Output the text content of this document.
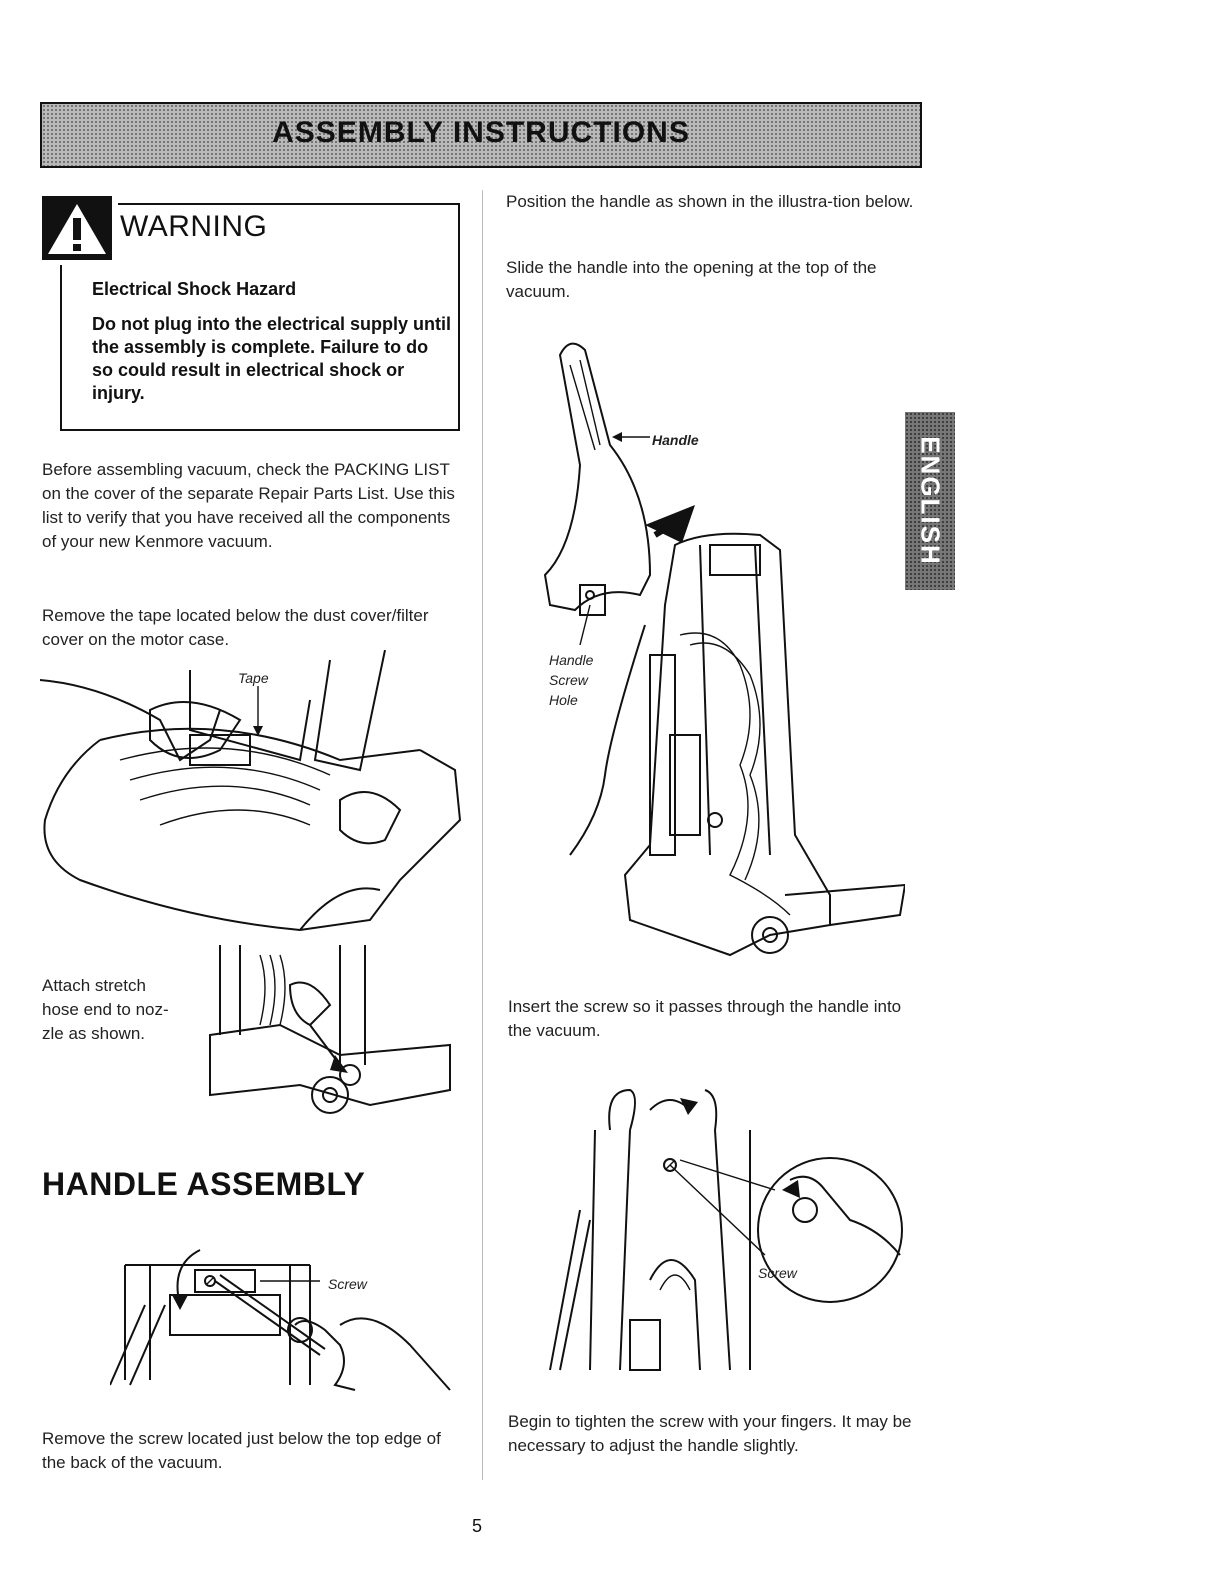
ASSEMBLY INSTRUCTIONS
WARNING
Electrical Shock Hazard
Do not plug into the electrical supply until the assembly is complete. Failure to do so could result in electrical shock or injury.
Before assembling vacuum, check the PACKING LIST on the cover of the separate Repair Parts List. Use this list to verify that you have received all the components of your new Kenmore vacuum.
Remove the tape located below the dust cover/filter cover on the motor case.
Tape
Attach stretch hose end to noz-zle as shown.
HANDLE ASSEMBLY
Screw
Remove the screw located just below the top edge of the back of the vacuum.
Position the handle as shown in the illustra-tion below.
Slide the handle into the opening at the top of the vacuum.
Handle
Handle Screw Hole
Insert the screw so it passes through the handle into the vacuum.
Screw
Begin to tighten the screw with your fingers. It may be necessary to adjust the handle slightly.
ENGLISH
5
